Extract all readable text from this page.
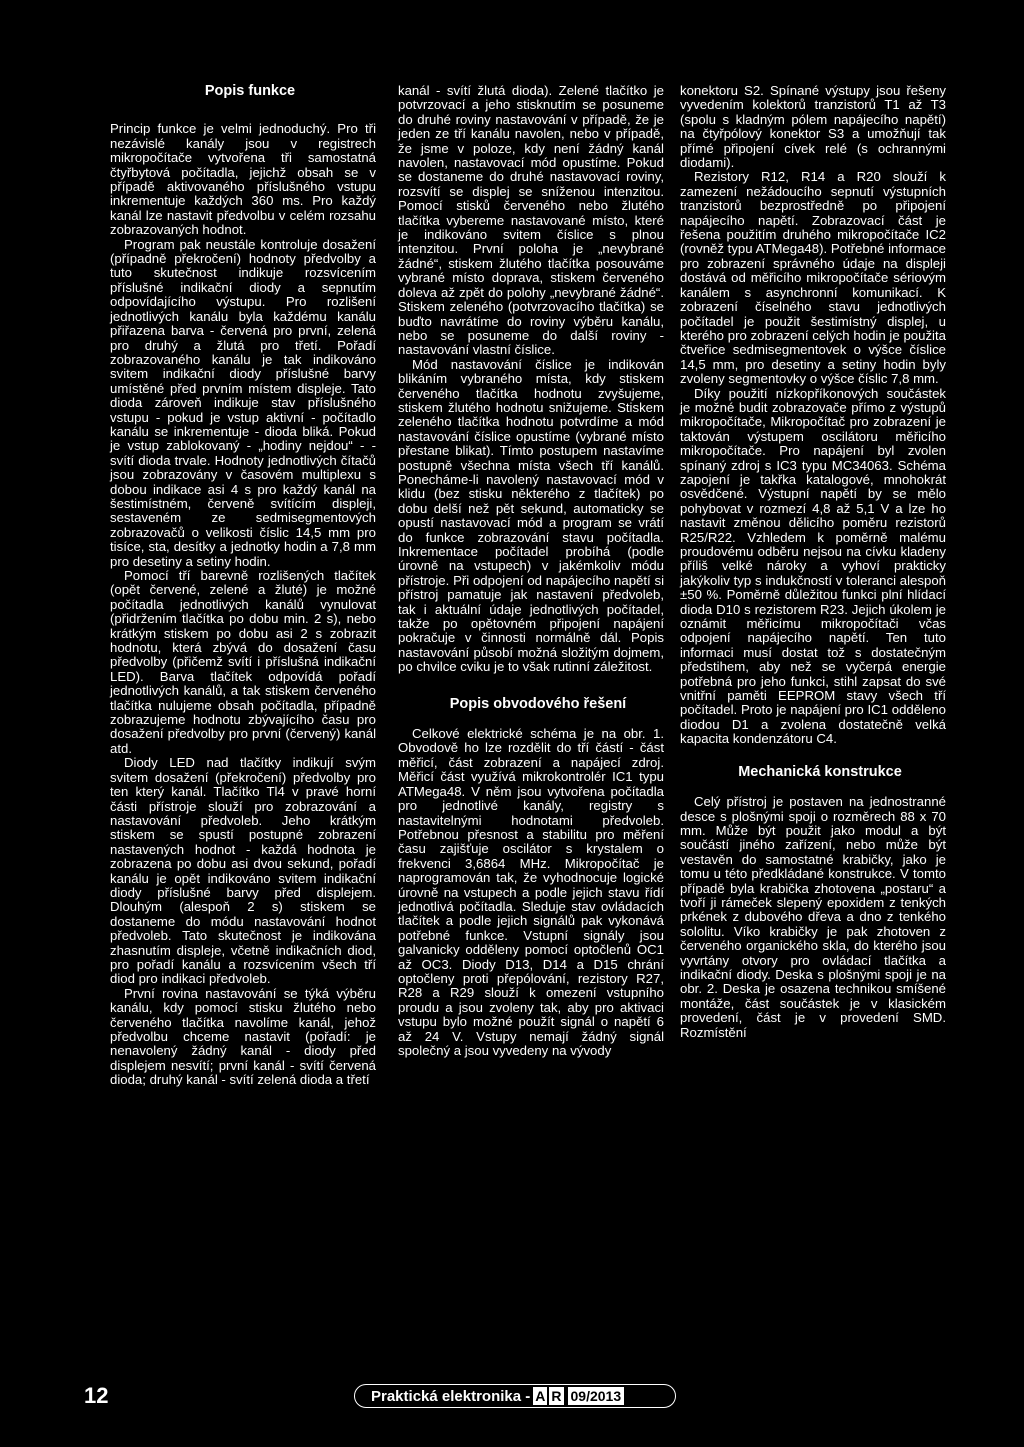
Popis funkce

Princip funkce je velmi jednoduchý. Pro tři nezávislé kanály jsou v registrech mikropočítače vytvořena tři samostatná čtyřbytová počítadla, jejichž obsah se v případě aktivovaného příslušného vstupu inkrementuje každých 360 ms. Pro každý kanál lze nastavit předvolbu v celém rozsahu zobrazovaných hodnot.

Program pak neustále kontroluje dosažení (případně překročení) hodnoty předvolby a tuto skutečnost indikuje rozsvícením příslušné indikační diody a sepnutím odpovídajícího výstupu. Pro rozlišení jednotlivých kanálu byla každému kanálu přiřazena barva - červená pro první, zelená pro druhý a žlutá pro třetí. Pořadí zobrazovaného kanálu je tak indikováno svitem indikační diody příslušné barvy umístěné před prvním místem displeje. Tato dioda zároveň indikuje stav příslušného vstupu - pokud je vstup aktivní - počítadlo kanálu se inkrementuje - dioda bliká. Pokud je vstup zablokovaný - „hodiny nejdou“ - - svítí dioda trvale. Hodnoty jednotlivých čítačů jsou zobrazovány v časovém multiplexu s dobou indikace asi 4 s pro každý kanál na šestimístném, červeně svítícím displeji, sestaveném ze sedmisegmentových zobrazovačů o velikosti číslic 14,5 mm pro tisíce, sta, desítky a jednotky hodin a 7,8 mm pro desetiny a setiny hodin.

Pomocí tří barevně rozlišených tlačítek (opět červené, zelené a žluté) je možné počítadla jednotlivých kanálů vynulovat (přidržením tlačítka po dobu min. 2 s), nebo krátkým stiskem po dobu asi 2 s zobrazit hodnotu, která zbývá do dosažení času předvolby (přičemž svítí i příslušná indikační LED). Barva tlačítek odpovídá pořadí jednotlivých kanálů, a tak stiskem červeného tlačítka nulujeme obsah počítadla, případně zobrazujeme hodnotu zbývajícího času pro dosažení předvolby pro první (červený) kanál atd.

Diody LED nad tlačítky indikují svým svitem dosažení (překročení) předvolby pro ten který kanál. Tlačítko Tl4 v pravé horní části přístroje slouží pro zobrazování a nastavování předvoleb. Jeho krátkým stiskem se spustí postupné zobrazení nastavených hodnot - každá hodnota je zobrazena po dobu asi dvou sekund, pořadí kanálu je opět indikováno svitem indikační diody příslušné barvy před displejem. Dlouhým (alespoň 2 s) stiskem se dostaneme do módu nastavování hodnot předvoleb. Tato skutečnost je indikována zhasnutím displeje, včetně indikačních diod, pro pořadí kanálu a rozsvícením všech tří diod pro indikaci předvoleb.

První rovina nastavování se týká výběru kanálu, kdy pomocí stisku žlutého nebo červeného tlačítka navolíme kanál, jehož předvolbu chceme nastavit (pořadí: je nenavolený žádný kanál - diody před displejem nesvítí; první kanál - svítí červená dioda; druhý kanál - svítí zelená dioda a třetí

kanál - svítí žlutá dioda). Zelené tlačítko je potvrzovací a jeho stisknutím se posuneme do druhé roviny nastavování v případě, že je jeden ze tří kanálu navolen, nebo v případě, že jsme v poloze, kdy není žádný kanál navolen, nastavovací mód opustíme. Pokud se dostaneme do druhé nastavovací roviny, rozsvítí se displej se sníženou intenzitou. Pomocí stisků červeného nebo žlutého tlačítka vybereme nastavované místo, které je indikováno svitem číslice s plnou intenzitou. První poloha je „nevybrané žádné“, stiskem žlutého tlačítka posouváme vybrané místo doprava, stiskem červeného doleva až zpět do polohy „nevybrané žádné“. Stiskem zeleného (potvrzovacího tlačítka) se buďto navrátíme do roviny výběru kanálu, nebo se posuneme do další roviny - nastavování vlastní číslice.

Mód nastavování číslice je indikován blikáním vybraného místa, kdy stiskem červeného tlačítka hodnotu zvyšujeme, stiskem žlutého hodnotu snižujeme. Stiskem zeleného tlačítka hodnotu potvrdíme a mód nastavování číslice opustíme (vybrané místo přestane blikat). Tímto postupem nastavíme postupně všechna místa všech tří kanálů. Ponecháme-li navolený nastavovací mód v klidu (bez stisku některého z tlačítek) po dobu delší než pět sekund, automaticky se opustí nastavovací mód a program se vrátí do funkce zobrazování stavu počítadla. Inkrementace počítadel probíhá (podle úrovně na vstupech) v jakémkoliv módu přístroje. Při odpojení od napájecího napětí si přístroj pamatuje jak nastavení předvoleb, tak i aktuální údaje jednotlivých počítadel, takže po opětovném připojení napájení pokračuje v činnosti normálně dál. Popis nastavování působí možná složitým dojmem, po chvilce cviku je to však rutinní záležitost.

Popis obvodového řešení

Celkové elektrické schéma je na obr. 1. Obvodově ho lze rozdělit do tří částí - část měřicí, část zobrazení a napájecí zdroj. Měřicí část využívá mikrokontrolér IC1 typu ATMega48. V něm jsou vytvořena počítadla pro jednotlivé kanály, registry s nastavitelnými hodnotami předvoleb. Potřebnou přesnost a stabilitu pro měření času zajišťuje oscilátor s krystalem o frekvenci 3,6864 MHz. Mikropočítač je naprogramován tak, že vyhodnocuje logické úrovně na vstupech a podle jejich stavu řídí jednotlivá počítadla. Sleduje stav ovládacích tlačítek a podle jejich signálů pak vykonává potřebné funkce. Vstupní signály jsou galvanicky odděleny pomocí optočlenů OC1 až OC3. Diody D13, D14 a D15 chrání optočleny proti přepólování, rezistory R27, R28 a R29 slouží k omezení vstupního proudu a jsou zvoleny tak, aby pro aktivaci vstupu bylo možné použít signál o napětí 6 až 24 V. Vstupy nemají žádný signál společný a jsou vyvedeny na vývody

konektoru S2. Spínané výstupy jsou řešeny vyvedením kolektorů tranzistorů T1 až T3 (spolu s kladným pólem napájecího napětí) na čtyřpólový konektor S3 a umožňují tak přímé připojení cívek relé (s ochrannými diodami).

Rezistory R12, R14 a R20 slouží k zamezení nežádoucího sepnutí výstupních tranzistorů bezprostředně po připojení napájecího napětí. Zobrazovací část je řešena použitím druhého mikropočítače IC2 (rovněž typu ATMega48). Potřebné informace pro zobrazení správného údaje na displeji dostává od měřicího mikropočítače sériovým kanálem s asynchronní komunikací. K zobrazení číselného stavu jednotlivých počítadel je použit šestimístný displej, u kterého pro zobrazení celých hodin je použita čtveřice sedmisegmentovek o výšce číslice 14,5 mm, pro desetiny a setiny hodin byly zvoleny segmentovky o výšce číslic 7,8 mm.

Díky použití nízkopříkonových součástek je možné budit zobrazovače přímo z výstupů mikropočítače, Mikropočítač pro zobrazení je taktován výstupem oscilátoru měřicího mikropočítače. Pro napájení byl zvolen spínaný zdroj s IC3 typu MC34063. Schéma zapojení je takřka katalogové, mnohokrát osvědčené. Výstupní napětí by se mělo pohybovat v rozmezí 4,8 až 5,1 V a lze ho nastavit změnou dělicího poměru rezistorů R25/R22. Vzhledem k poměrně malému proudovému odběru nejsou na cívku kladeny příliš velké nároky a vyhoví prakticky jakýkoliv typ s indukčností v toleranci alespoň ±50 %. Poměrně důležitou funkci plní hlídací dioda D10 s rezistorem R23. Jejich úkolem je oznámit měřicímu mikropočítači včas odpojení napájecího napětí. Ten tuto informaci musí dostat tož s dostatečným předstihem, aby než se vyčerpá energie potřebná pro jeho funkci, stihl zapsat do své vnitřní paměti EEPROM stavy všech tří počítadel. Proto je napájení pro IC1 odděleno diodou D1 a zvolena dostatečně velká kapacita kondenzátoru C4.

Mechanická konstrukce

Celý přístroj je postaven na jednostranné desce s plošnými spoji o rozměrech 88 x 70 mm. Může být použit jako modul a být součástí jiného zařízení, nebo může být vestavěn do samostatné krabičky, jako je tomu u této předkládané konstrukce. V tomto případě byla krabička zhotovena „postaru“ a tvoří ji rámeček slepený epoxidem z tenkých prkének z dubového dřeva a dno z tenkého sololitu. Víko krabičky je pak zhotoven z červeného organického skla, do kterého jsou vyvrtány otvory pro ovládací tlačítka a indikační diody. Deska s plošnými spoji je na obr. 2. Deska je osazena technikou smíšené montáže, část součástek je v klasickém provedení, část je v provedení SMD. Rozmístění

12	Praktická elektronika - A R 09/2013
